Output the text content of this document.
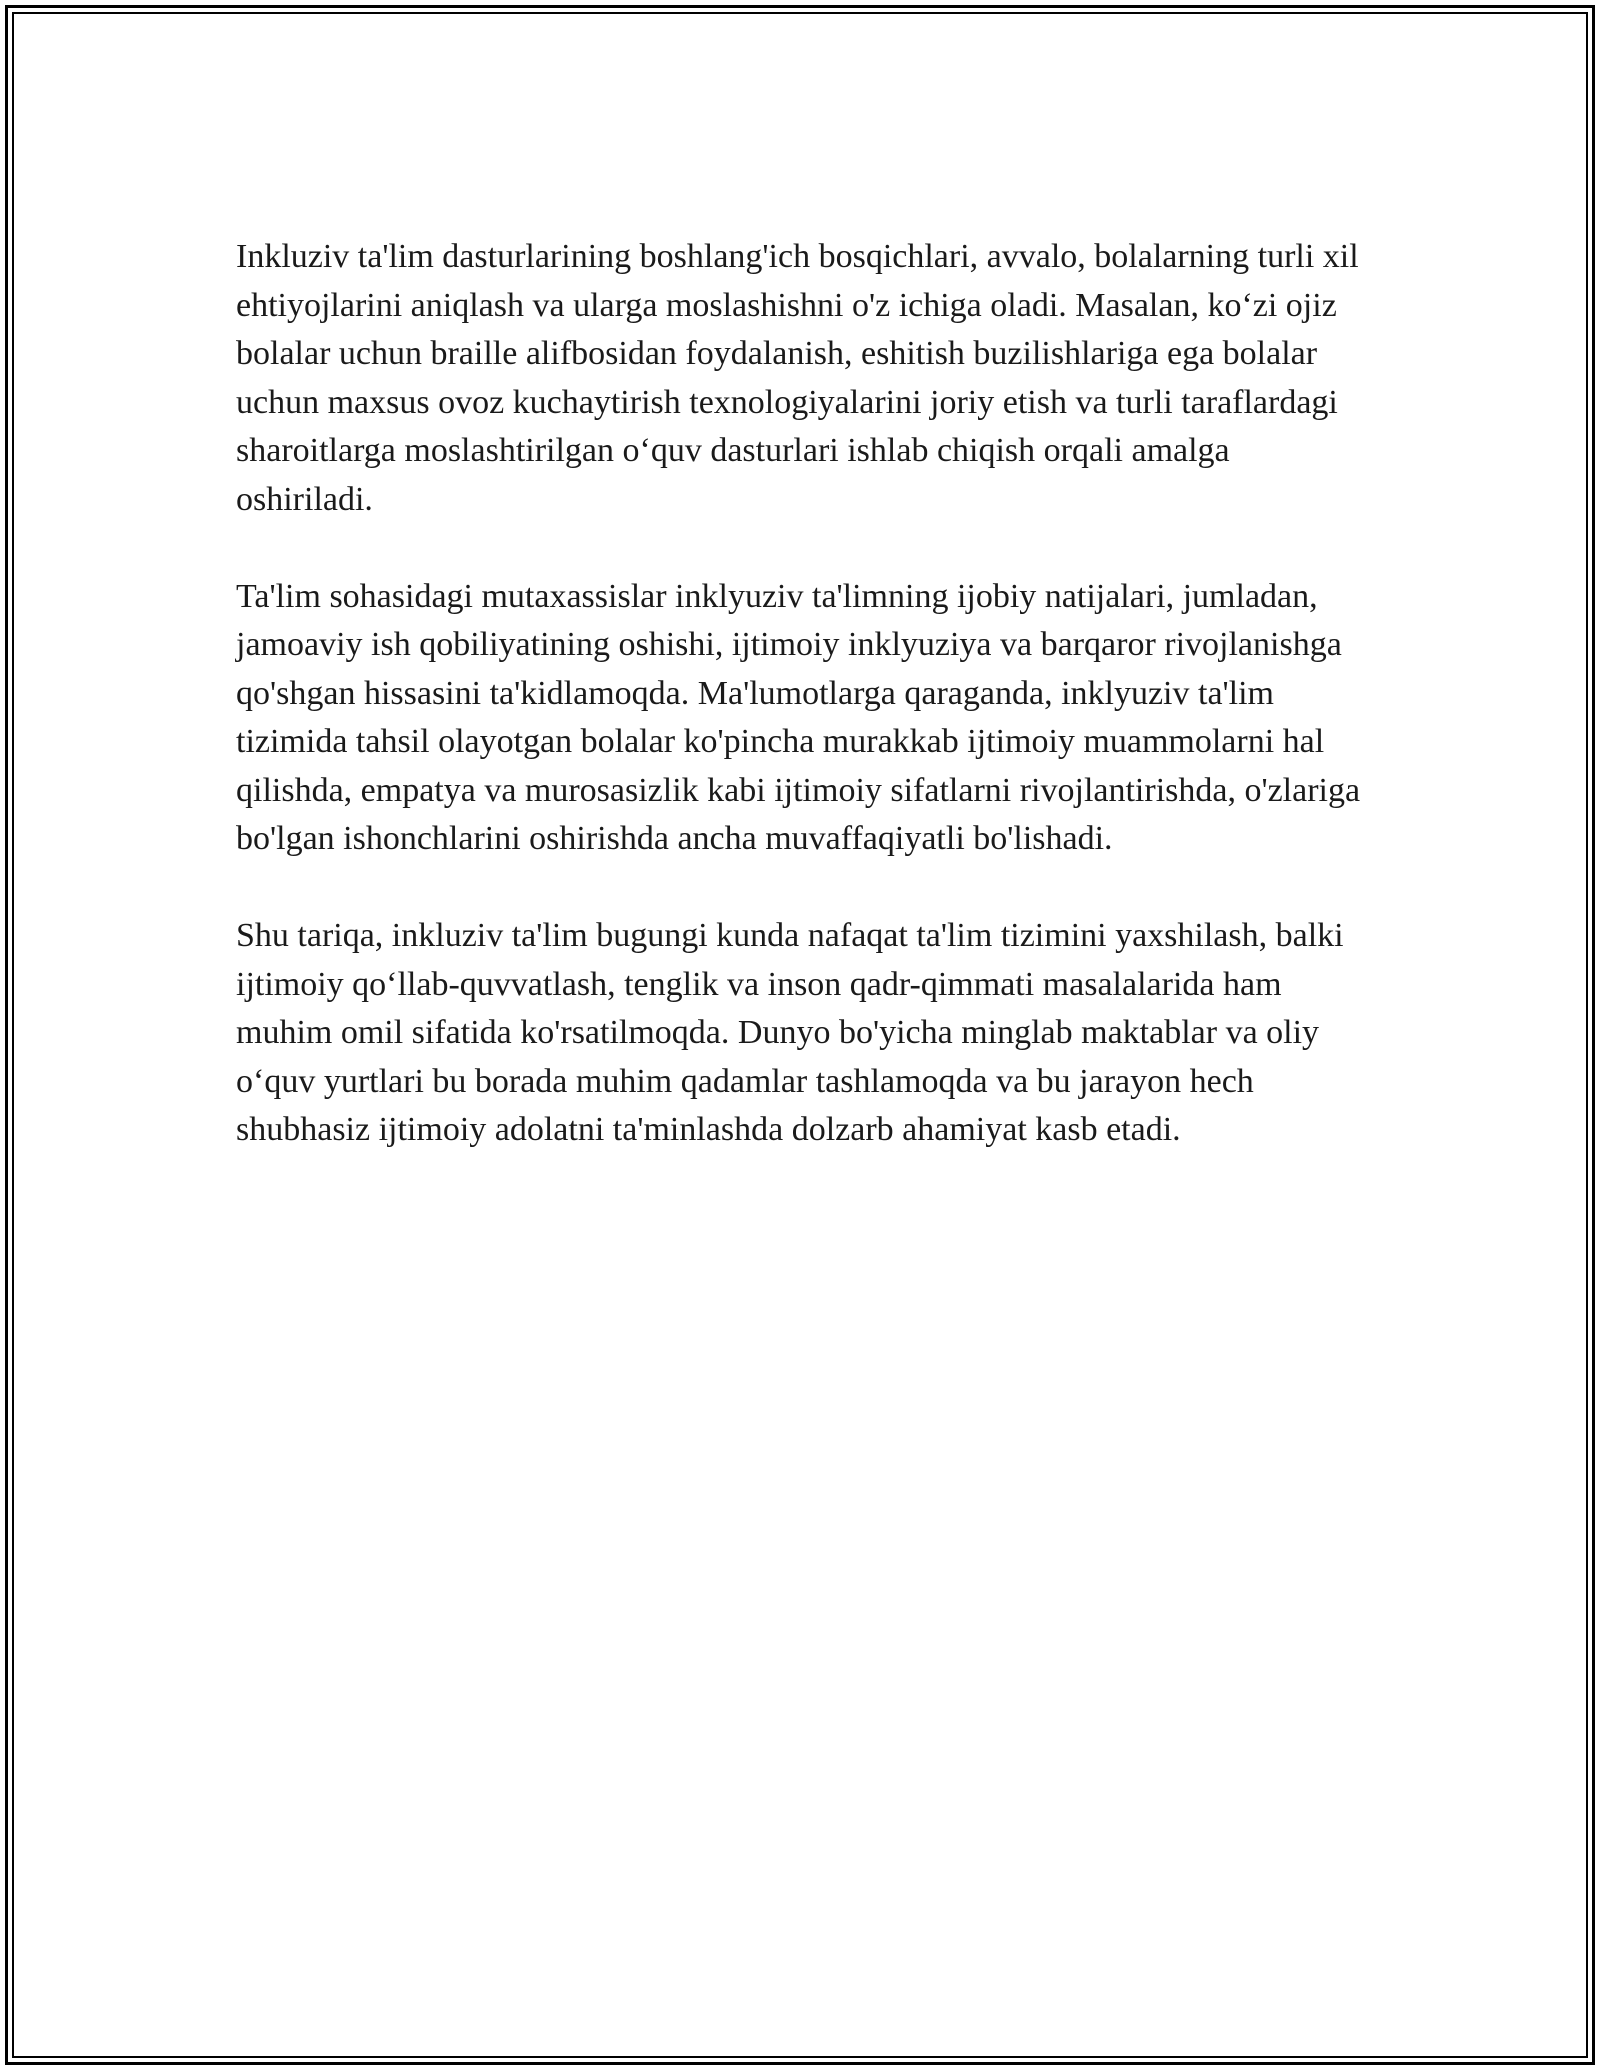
Inkluziv ta'lim dasturlarining boshlang'ich bosqichlari, avvalo, bolalarning turli xil ehtiyojlarini aniqlash va ularga moslashishni o'z ichiga oladi. Masalan, ko‘zi ojiz bolalar uchun braille alifbosidan foydalanish, eshitish buzilishlariga ega bolalar uchun maxsus ovoz kuchaytirish texnologiyalarini joriy etish va turli taraflardagi sharoitlarga moslashtirilgan o‘quv dasturlari ishlab chiqish orqali amalga oshiriladi.

Ta'lim sohasidagi mutaxassislar inklyuziv ta'limning ijobiy natijalari, jumladan, jamoaviy ish qobiliyatining oshishi, ijtimoiy inklyuziya va barqaror rivojlanishga qo'shgan hissasini ta'kidlamoqda. Ma'lumotlarga qaraganda, inklyuziv ta'lim tizimida tahsil olayotgan bolalar ko'pincha murakkab ijtimoiy muammolarni hal qilishda, empatya va murosasizlik kabi ijtimoiy sifatlarni rivojlantirishda, o'zlariga bo'lgan ishonchlarini oshirishda ancha muvaffaqiyatli bo'lishadi.

Shu tariqa, inkluziv ta'lim bugungi kunda nafaqat ta'lim tizimini yaxshilash, balki ijtimoiy qo‘llab-quvvatlash, tenglik va inson qadr-qimmati masalalarida ham muhim omil sifatida ko'rsatilmoqda. Dunyo bo'yicha minglab maktablar va oliy o‘quv yurtlari bu borada muhim qadamlar tashlamoqda va bu jarayon hech shubhasiz ijtimoiy adolatni ta'minlashda dolzarb ahamiyat kasb etadi.
